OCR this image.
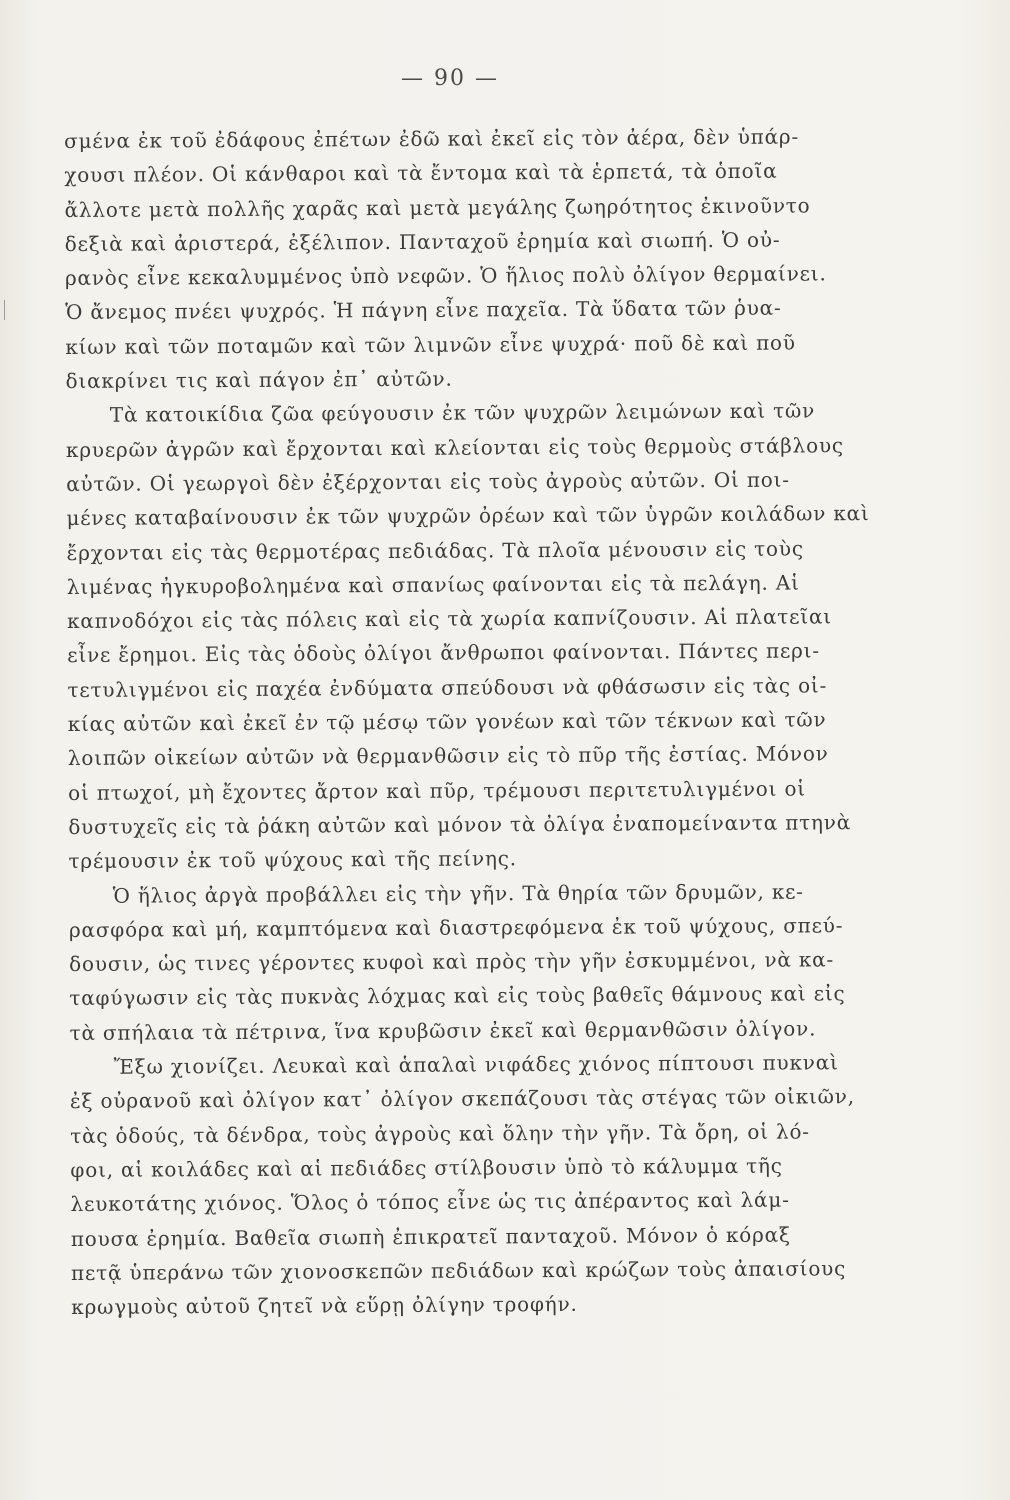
— 90 —
σμένα ἐκ τοῦ ἐδάφους ἐπέτων ἐδῶ καὶ ἐκεῖ εἰς τὸν ἀέρα, δὲν ὑπάρ-
χουσι πλέον. Οἱ κάνθαροι καὶ τὰ ἔντομα καὶ τὰ ἑρπετά, τὰ ὁποῖα
ἄλλοτε μετὰ πολλῆς χαρᾶς καὶ μετὰ μεγάλης ζωηρότητος ἐκινοῦντο
δεξιὰ καὶ ἀριστερά, ἐξέλιπον. Πανταχοῦ ἐρημία καὶ σιωπή. Ὁ οὐ-
ρανὸς εἶνε κεκαλυμμένος ὑπὸ νεφῶν. Ὁ ἥλιος πολὺ ὀλίγον θερμαίνει.
Ὁ ἄνεμος πνέει ψυχρός. Ἡ πάγνη εἶνε παχεῖα. Τὰ ὕδατα τῶν ῥυα-
κίων καὶ τῶν ποταμῶν καὶ τῶν λιμνῶν εἶνε ψυχρά· ποῦ δὲ καὶ ποῦ
διακρίνει τις καὶ πάγον ἐπ᾽ αὐτῶν.
Τὰ κατοικίδια ζῶα φεύγουσιν ἐκ τῶν ψυχρῶν λειμώνων καὶ τῶν
κρυερῶν ἀγρῶν καὶ ἔρχονται καὶ κλείονται εἰς τοὺς θερμοὺς στάβλους
αὐτῶν. Οἱ γεωργοὶ δὲν ἐξέρχονται εἰς τοὺς ἀγροὺς αὐτῶν. Οἱ ποι-
μένες καταβαίνουσιν ἐκ τῶν ψυχρῶν ὀρέων καὶ τῶν ὑγρῶν κοιλάδων καὶ
ἔρχονται εἰς τὰς θερμοτέρας πεδιάδας. Τὰ πλοῖα μένουσιν εἰς τοὺς
λιμένας ἠγκυροβολημένα καὶ σπανίως φαίνονται εἰς τὰ πελάγη. Αἱ
καπνοδόχοι εἰς τὰς πόλεις καὶ εἰς τὰ χωρία καπνίζουσιν. Αἱ πλατεῖαι
εἶνε ἔρημοι. Εἰς τὰς ὁδοὺς ὀλίγοι ἄνθρωποι φαίνονται. Πάντες περι-
τετυλιγμένοι εἰς παχέα ἐνδύματα σπεύδουσι νὰ φθάσωσιν εἰς τὰς οἰ-
κίας αὐτῶν καὶ ἐκεῖ ἐν τῷ μέσῳ τῶν γονέων καὶ τῶν τέκνων καὶ τῶν
λοιπῶν οἰκείων αὐτῶν νὰ θερμανθῶσιν εἰς τὸ πῦρ τῆς ἑστίας. Μόνον
οἱ πτωχοί, μὴ ἔχοντες ἄρτον καὶ πῦρ, τρέμουσι περιτετυλιγμένοι οἱ
δυστυχεῖς εἰς τὰ ῥάκη αὐτῶν καὶ μόνον τὰ ὀλίγα ἐναπομείναντα πτηνὰ
τρέμουσιν ἐκ τοῦ ψύχους καὶ τῆς πείνης.
Ὁ ἥλιος ἀργὰ προβάλλει εἰς τὴν γῆν. Τὰ θηρία τῶν δρυμῶν, κε-
ρασφόρα καὶ μή, καμπτόμενα καὶ διαστρεφόμενα ἐκ τοῦ ψύχους, σπεύ-
δουσιν, ὡς τινες γέροντες κυφοὶ καὶ πρὸς τὴν γῆν ἐσκυμμένοι, νὰ κα-
ταφύγωσιν εἰς τὰς πυκνὰς λόχμας καὶ εἰς τοὺς βαθεῖς θάμνους καὶ εἰς
τὰ σπήλαια τὰ πέτρινα, ἵνα κρυβῶσιν ἐκεῖ καὶ θερμανθῶσιν ὀλίγον.
Ἔξω χιονίζει. Λευκαὶ καὶ ἁπαλαὶ νιφάδες χιόνος πίπτουσι πυκναὶ
ἐξ οὐρανοῦ καὶ ὀλίγον κατ᾽ ὀλίγον σκεπάζουσι τὰς στέγας τῶν οἰκιῶν,
τὰς ὁδούς, τὰ δένδρα, τοὺς ἀγροὺς καὶ ὅλην τὴν γῆν. Τὰ ὄρη, οἱ λό-
φοι, αἱ κοιλάδες καὶ αἱ πεδιάδες στίλβουσιν ὑπὸ τὸ κάλυμμα τῆς
λευκοτάτης χιόνος. Ὅλος ὁ τόπος εἶνε ὡς τις ἀπέραντος καὶ λάμ-
πουσα ἐρημία. Βαθεῖα σιωπὴ ἐπικρατεῖ πανταχοῦ. Μόνον ὁ κόραξ
πετᾷ ὑπεράνω τῶν χιονοσκεπῶν πεδιάδων καὶ κρώζων τοὺς ἀπαισίους
κρωγμοὺς αὐτοῦ ζητεῖ νὰ εὕρῃ ὀλίγην τροφήν.
